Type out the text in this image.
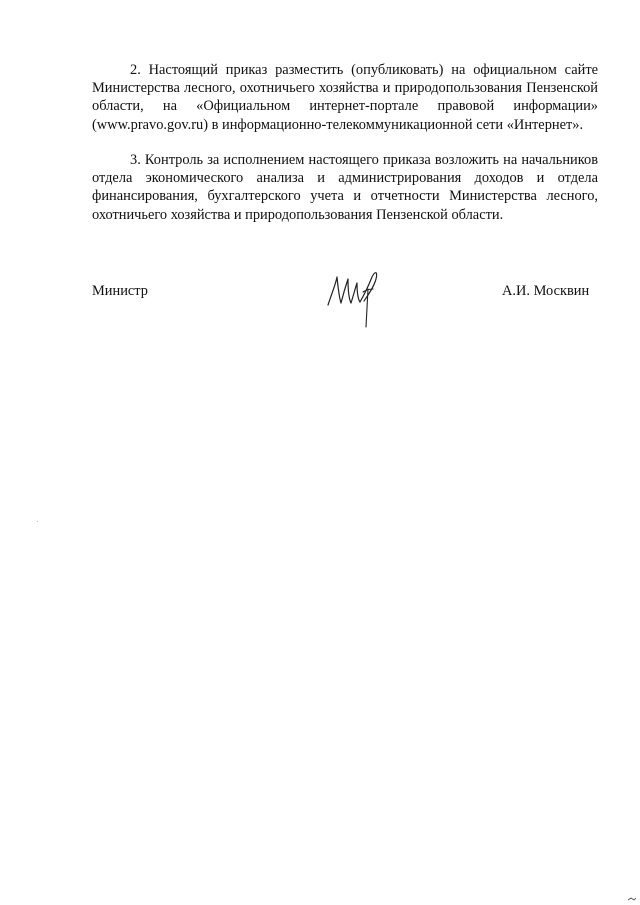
2. Настоящий приказ разместить (опубликовать) на официальном сайте Министерства лесного, охотничьего хозяйства и природопользования Пензенской области, на «Официальном интернет-портале правовой информации» (www.pravo.gov.ru) в информационно-телекоммуникационной сети «Интернет».

3. Контроль за исполнением настоящего приказа возложить на начальников отдела экономического анализа и администрирования доходов и отдела финансирования, бухгалтерского учета и отчетности Министерства лесного, охотничьего хозяйства и природопользования Пензенской области.

Министр	А.И. Москвин
